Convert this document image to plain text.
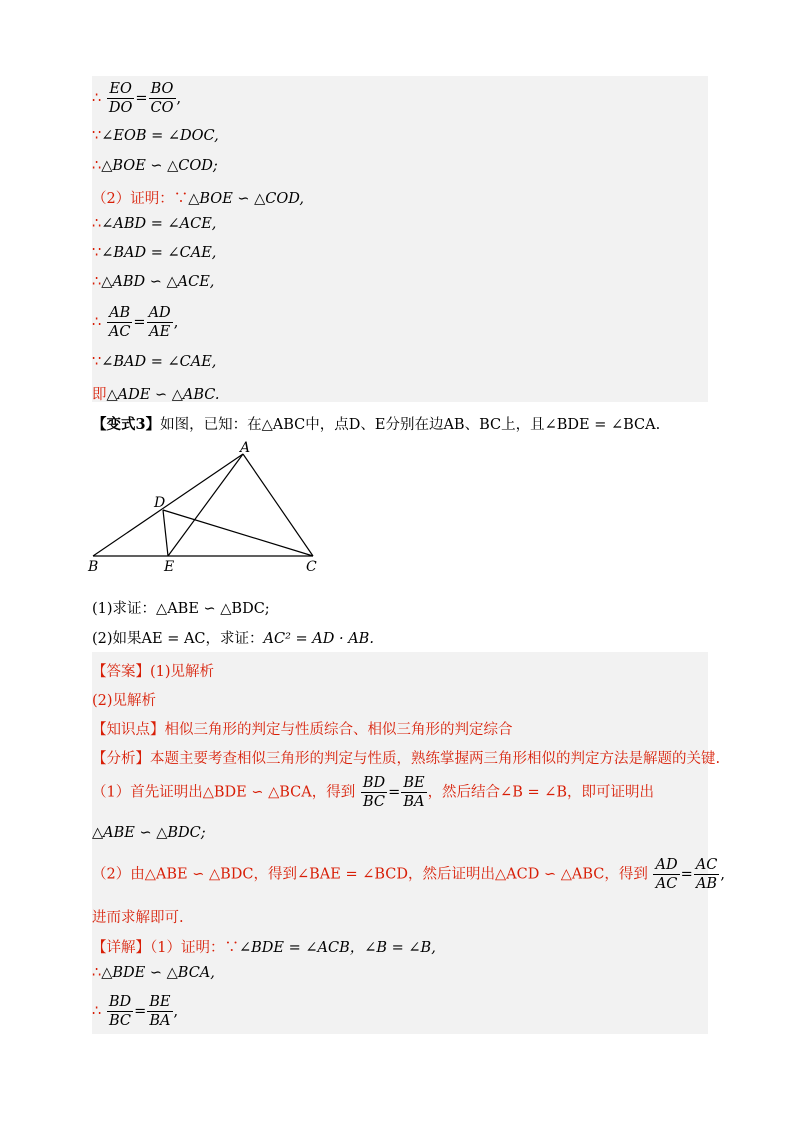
∴ $\frac{EO}{DO} = \frac{BO}{CO}$ ,
∵∠EOB = ∠DOC,
∴△BOE ∽ △COD;
（2）证明：∵△BOE ∽ △COD,
∴∠ABD = ∠ACE,
∵∠BAD = ∠CAE,
∴△ABD ∽ △ACE,
∴ $\frac{AB}{AC} = \frac{AD}{AE}$ ,
∵∠BAD = ∠CAE,
即△ADE ∽ △ABC.
【变式3】如图，已知：在△ABC中，点D、E分别在边AB、BC上，且∠BDE = ∠BCA.
A
B	C
D
E
(1)求证：△ABE ∽ △BDC;
(2)如果AE = AC，求证：AC² = AD · AB.
【答案】(1)见解析
(2)见解析
【知识点】相似三角形的判定与性质综合、相似三角形的判定综合
【分析】本题主要考查相似三角形的判定与性质，熟练掌握两三角形相似的判定方法是解题的关键.
（1）首先证明出△BDE ∽ △BCA，得到 $\frac{BD}{BC} = \frac{BE}{BA}$ ，然后结合∠B = ∠B，即可证明出
△ABE ∽ △BDC;
（2）由△ABE ∽ △BDC，得到∠BAE = ∠BCD，然后证明出△ACD ∽ △ABC，得到 $\frac{AD}{AC} = \frac{AC}{AB}$ ,
进而求解即可.
【详解】（1）证明：∵∠BDE = ∠ACB，∠B = ∠B,
∴△BDE ∽ △BCA,
∴ $\frac{BD}{BC} = \frac{BE}{BA}$ ,
